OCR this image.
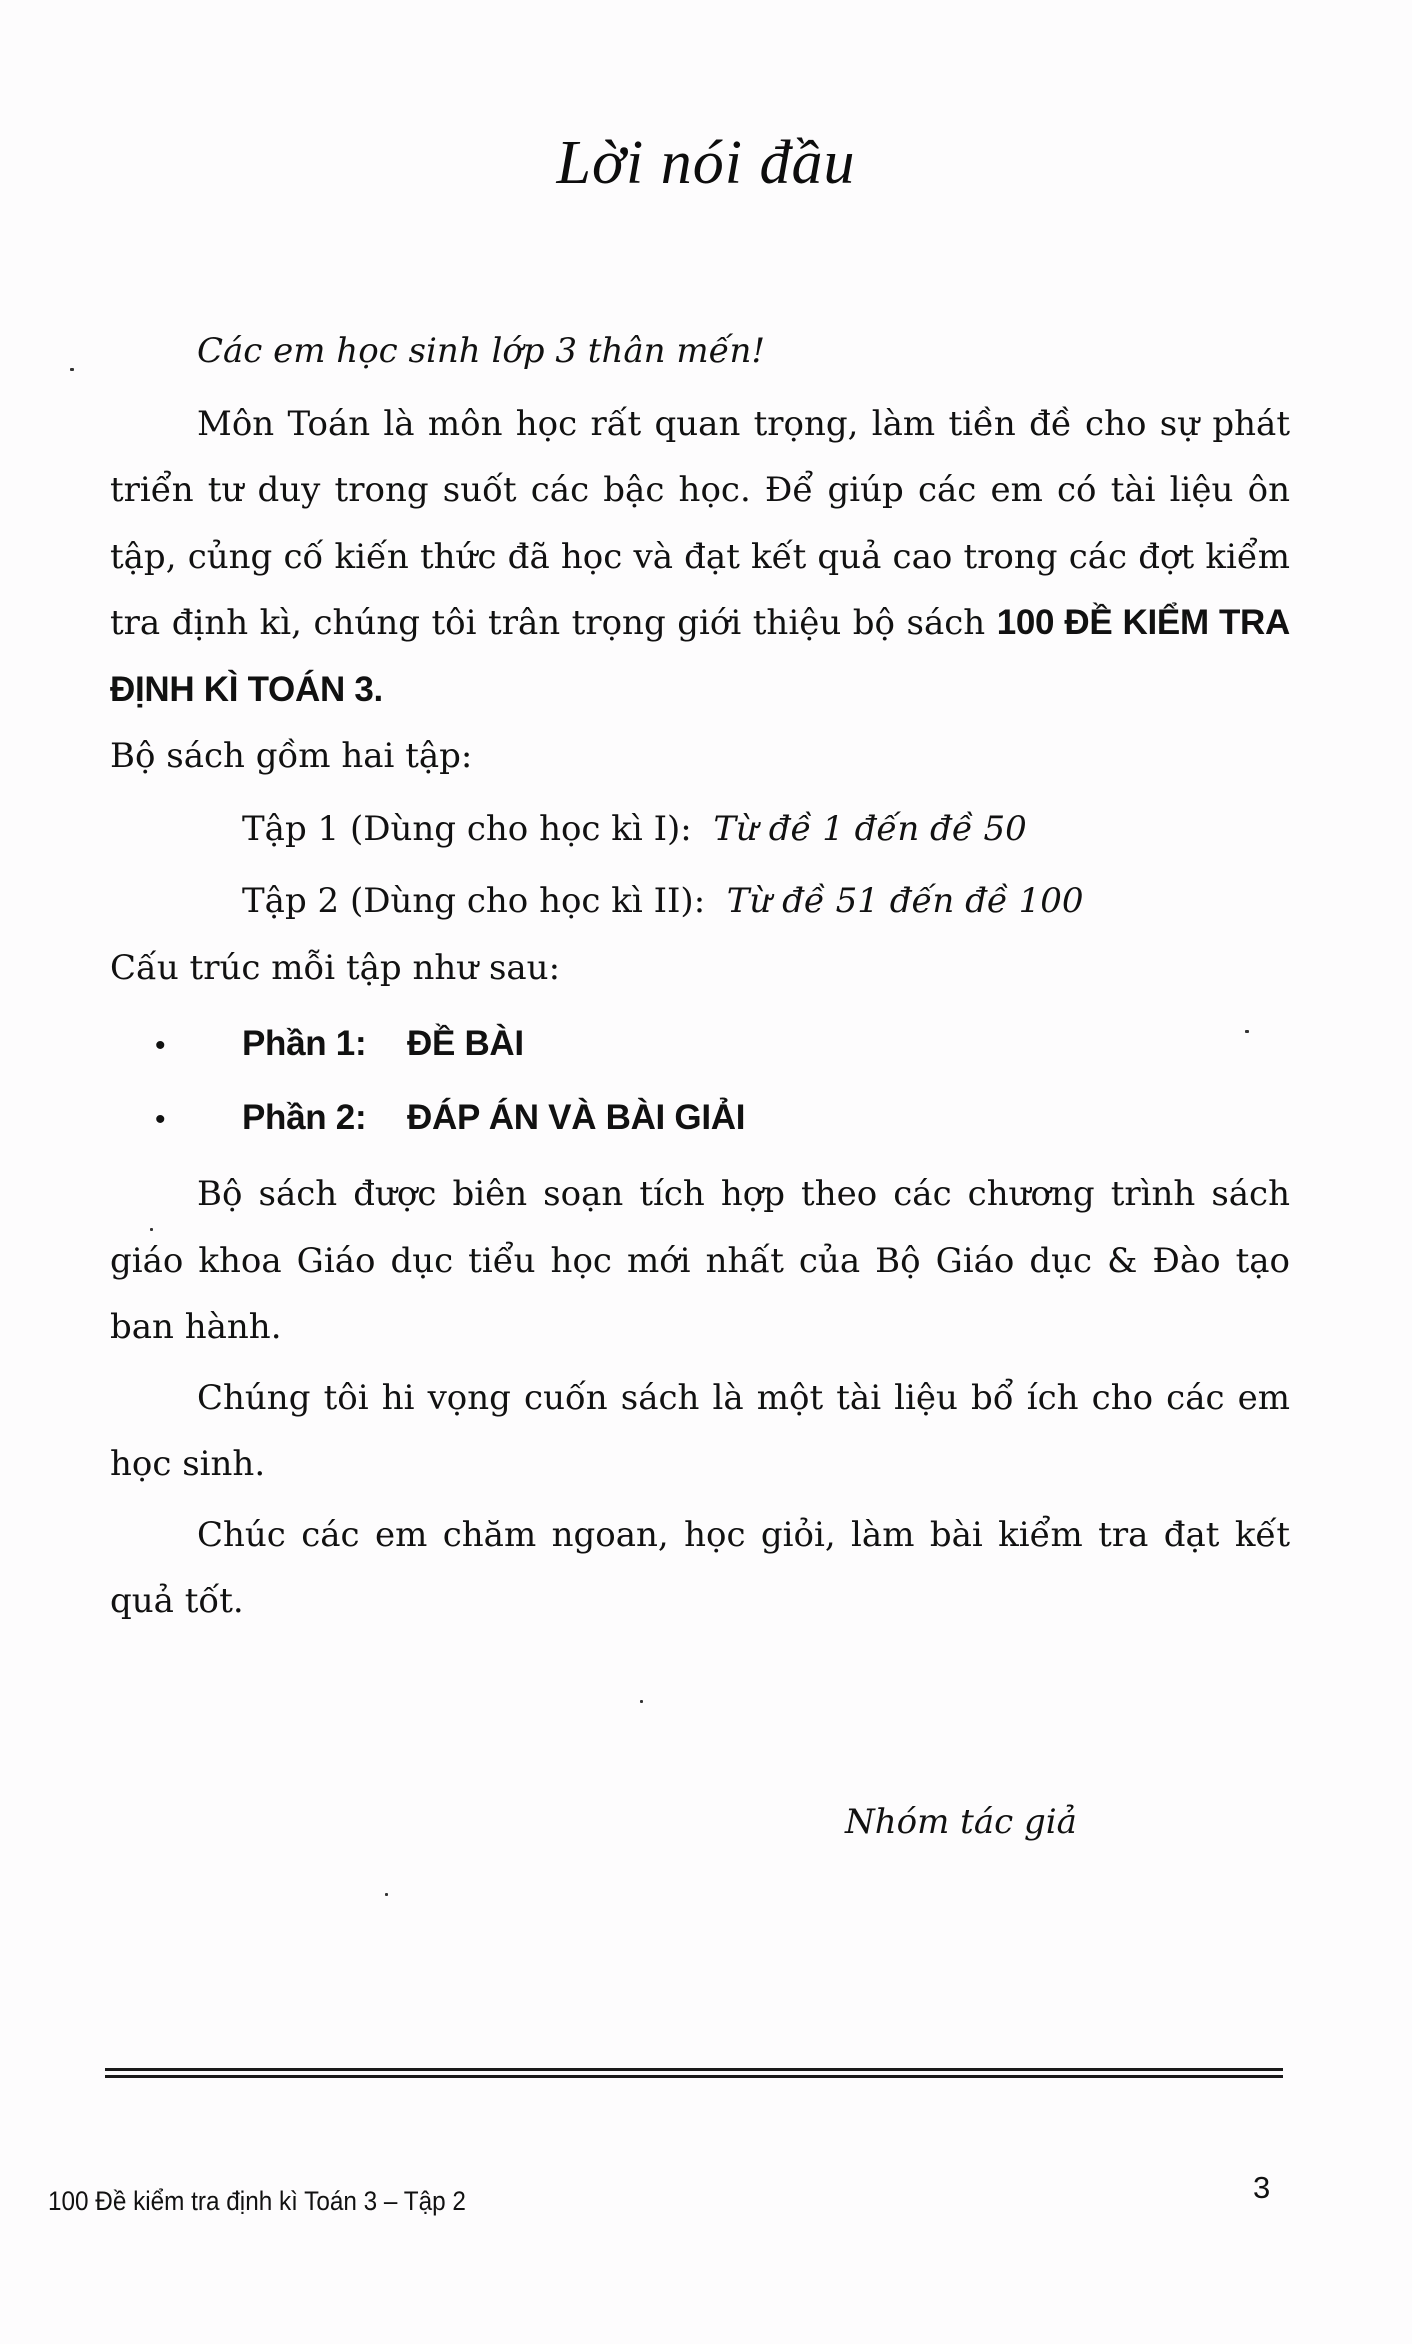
Lời nói đầu

Các em học sinh lớp 3 thân mến!

Môn Toán là môn học rất quan trọng, làm tiền đề cho sự phát triển tư duy trong suốt các bậc học. Để giúp các em có tài liệu ôn tập, củng cố kiến thức đã học và đạt kết quả cao trong các đợt kiểm tra định kì, chúng tôi trân trọng giới thiệu bộ sách 100 ĐỀ KIỂM TRA ĐỊNH KÌ TOÁN 3.

Bộ sách gồm hai tập:

Tập 1 (Dùng cho học kì I): Từ đề 1 đến đề 50

Tập 2 (Dùng cho học kì II): Từ đề 51 đến đề 100

Cấu trúc mỗi tập như sau:

•	Phần 1:	ĐỀ BÀI
•	Phần 2:	ĐÁP ÁN VÀ BÀI GIẢI

Bộ sách được biên soạn tích hợp theo các chương trình sách giáo khoa Giáo dục tiểu học mới nhất của Bộ Giáo dục & Đào tạo ban hành.

Chúng tôi hi vọng cuốn sách là một tài liệu bổ ích cho các em học sinh.

Chúc các em chăm ngoan, học giỏi, làm bài kiểm tra đạt kết quả tốt.

Nhóm tác giả
100 Đề kiểm tra định kì Toán 3 – Tập 2	3
